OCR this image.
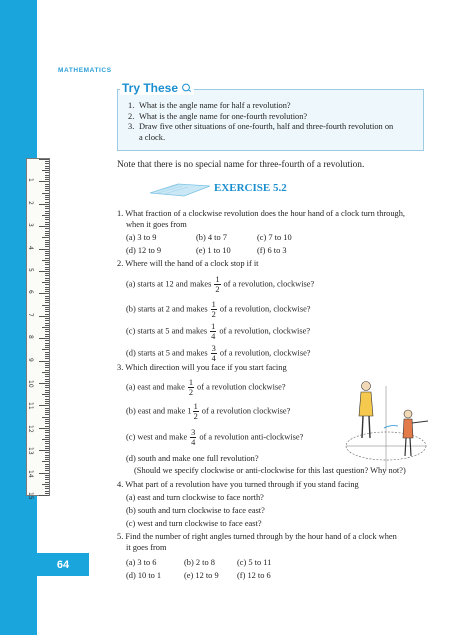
1
2
3
4
5
6
7
8
9
10
11
12
13
14
15
64
MATHEMATICS
Try These
1. What is the angle name for half a revolution?
2. What is the angle name for one-fourth revolution?
3. Draw five other situations of one-fourth, half and three-fourth revolution on
a clock.
Note that there is no special name for three-fourth of a revolution.
EXERCISE 5.2
1. What fraction of a clockwise revolution does the hour hand of a clock turn through,
when it goes from
(a) 3 to 9	(b) 4 to 7	(c) 7 to 10
(d) 12 to 9	(e) 1 to 10	(f) 6 to 3
2. Where will the hand of a clock stop if it
(a) starts at 12 and makes $\frac{1}{2}$ of a revolution, clockwise?
(b) starts at 2 and makes $\frac{1}{2}$ of a revolution, clockwise?
(c) starts at 5 and makes $\frac{1}{4}$ of a revolution, clockwise?
(d) starts at 5 and makes $\frac{3}{4}$ of a revolution, clockwise?
3. Which direction will you face if you start facing
(a) east and make $\frac{1}{2}$ of a revolution clockwise?
(b) east and make $1 \frac{1}{2}$ of a revolution clockwise?
(c) west and make $\frac{3}{4}$ of a revolution anti-clockwise?
(d) south and make one full revolution?
(Should we specify clockwise or anti-clockwise for this last question? Why not?)
4. What part of a revolution have you turned through if you stand facing
(a) east and turn clockwise to face north?
(b) south and turn clockwise to face east?
(c) west and turn clockwise to face east?
5. Find the number of right angles turned through by the hour hand of a clock when
it goes from
(a) 3 to 6	(b) 2 to 8	(c) 5 to 11
(d) 10 to 1	(e) 12 to 9 (f) 12 to 6
